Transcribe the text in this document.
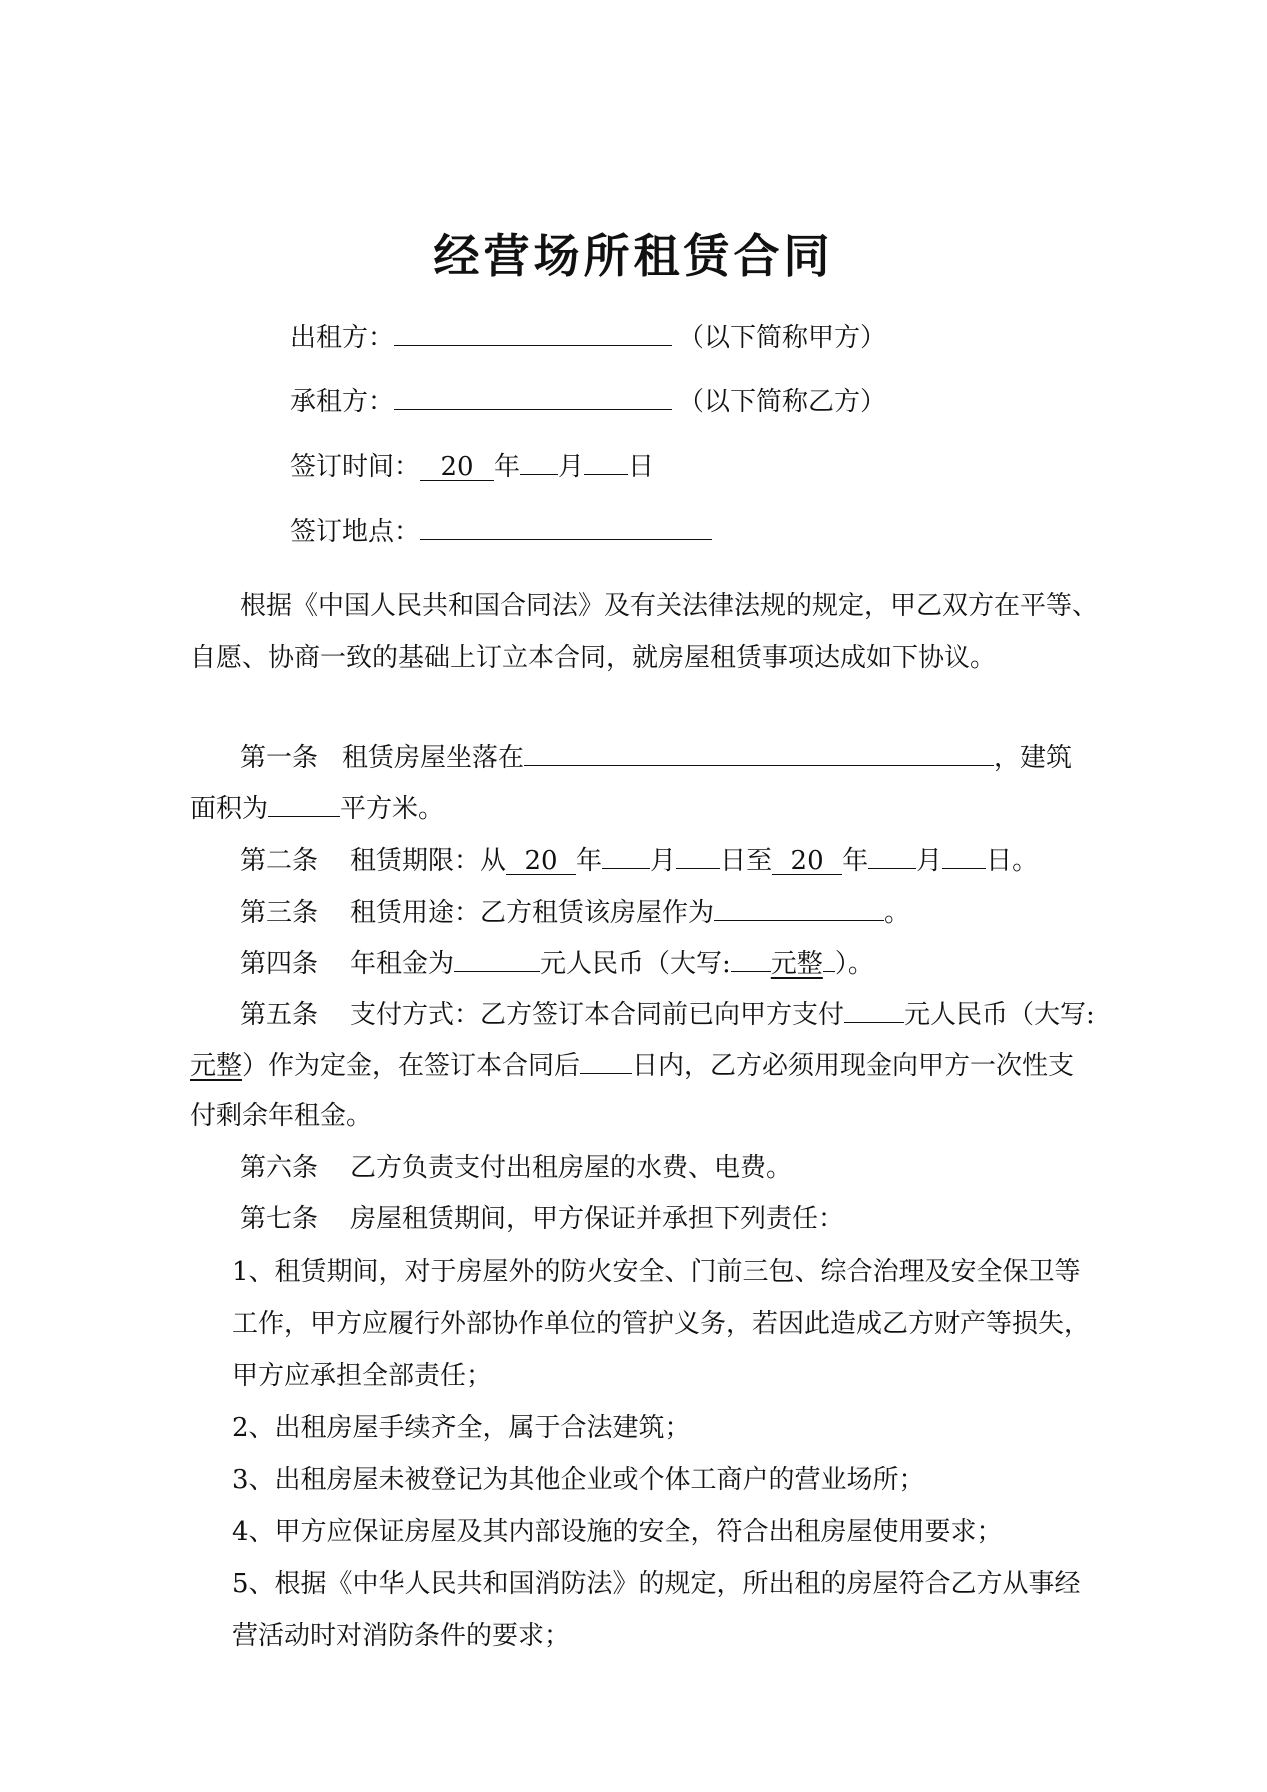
经营场所租赁合同
出租方：	（以下简称甲方）
承租方：	（以下简称乙方）
签订时间： 20 年 月 日
签订地点：
根据《中国人民共和国合同法》及有关法律法规的规定，甲乙双方在平等、
自愿、协商一致的基础上订立本合同，就房屋租赁事项达成如下协议。
第一条 租赁房屋坐落在	，建筑
面积为	平方米。
第二条 租赁期限：从 20 年 月 日至 20 年 月 日。
第三条 租赁用途：乙方租赁该房屋作为	。
第四条 年租金为	元人民币（大写: 元整 ）。
第五条 支付方式：乙方签订本合同前已向甲方支付 元人民币（大写:
元整）作为定金，在签订本合同后 日内，乙方必须用现金向甲方一次性支
付剩余年租金。
第六条 乙方负责支付出租房屋的水费、电费。
第七条 房屋租赁期间，甲方保证并承担下列责任：
1、租赁期间，对于房屋外的防火安全、门前三包、综合治理及安全保卫等
工作，甲方应履行外部协作单位的管护义务，若因此造成乙方财产等损失，
甲方应承担全部责任；
2、出租房屋手续齐全，属于合法建筑；
3、出租房屋未被登记为其他企业或个体工商户的营业场所；
4、甲方应保证房屋及其内部设施的安全，符合出租房屋使用要求；
5、根据《中华人民共和国消防法》的规定，所出租的房屋符合乙方从事经
营活动时对消防条件的要求；
